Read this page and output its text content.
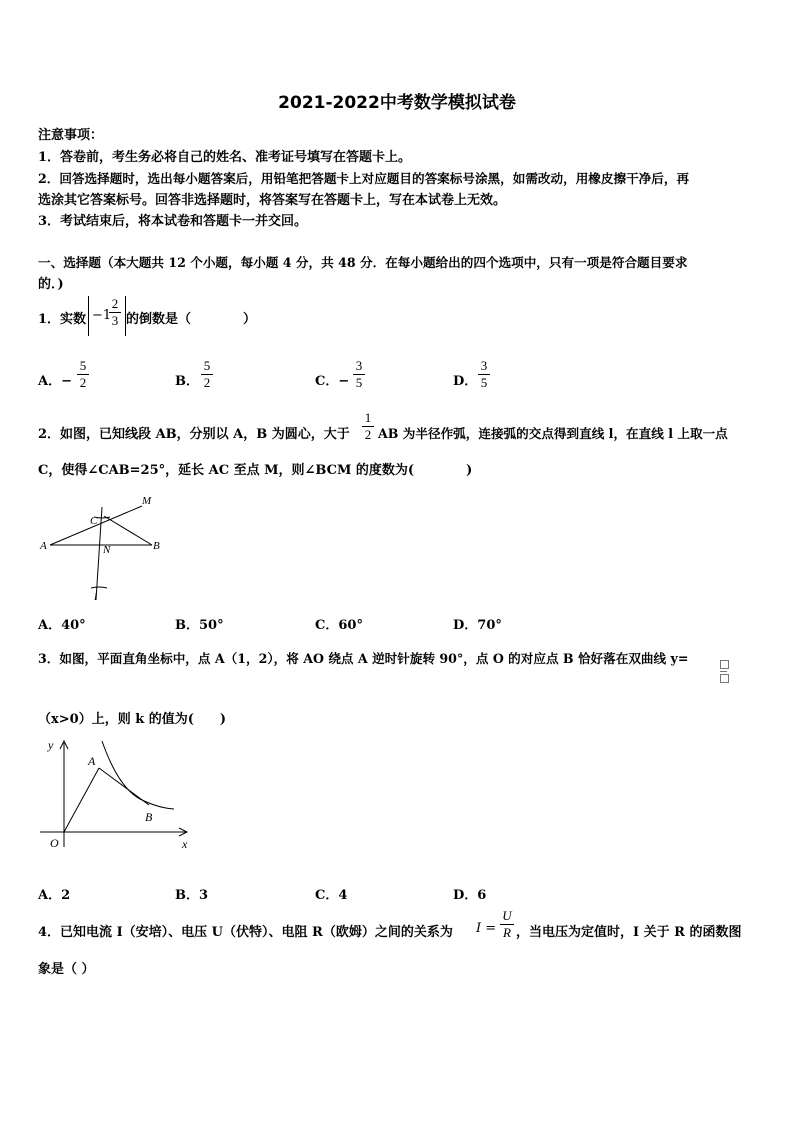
2021-2022中考数学模拟试卷
注意事项：
1．答卷前，考生务必将自己的姓名、准考证号填写在答题卡上。
2．回答选择题时，选出每小题答案后，用铅笔把答题卡上对应题目的答案标号涂黑，如需改动，用橡皮擦干净后，再
选涂其它答案标号。回答非选择题时，将答案写在答题卡上，写在本试卷上无效。
3．考试结束后，将本试卷和答题卡一并交回。
一、选择题（本大题共 12 个小题，每小题 4 分，共 48 分．在每小题给出的四个选项中，只有一项是符合题目要求
的．)
1．实数 −1
2
3 的倒数是（　　　　）
A．−
5
2	B．
5
2	C．−
3
5	D．
3
5
2．如图，已知线段 AB，分别以 A，B 为圆心，大于
1
2 AB 为半径作弧，连接弧的交点得到直线 l，在直线 l 上取一点
C，使得∠CAB=25°，延长 AC 至点 M，则∠BCM 的度数为(　　　　)
M
C
A	N	B
l
A．40°	B．50°	C．60°	D．70°
3．如图，平面直角坐标中，点 A（1，2），将 AO 绕点 A 逆时针旋转 90°，点 O 的对应点 B 恰好落在双曲线 y=
（x>0）上，则 k 的值为(　　)
y
A
B
O	x
A．2	B．3	C．4	D．6
4．已知电流 I（安培）、电压 U（伏特）、电阻 R（欧姆）之间的关系为 I =
U
R ，当电压为定值时，I 关于 R 的函数图
象是（ ）
